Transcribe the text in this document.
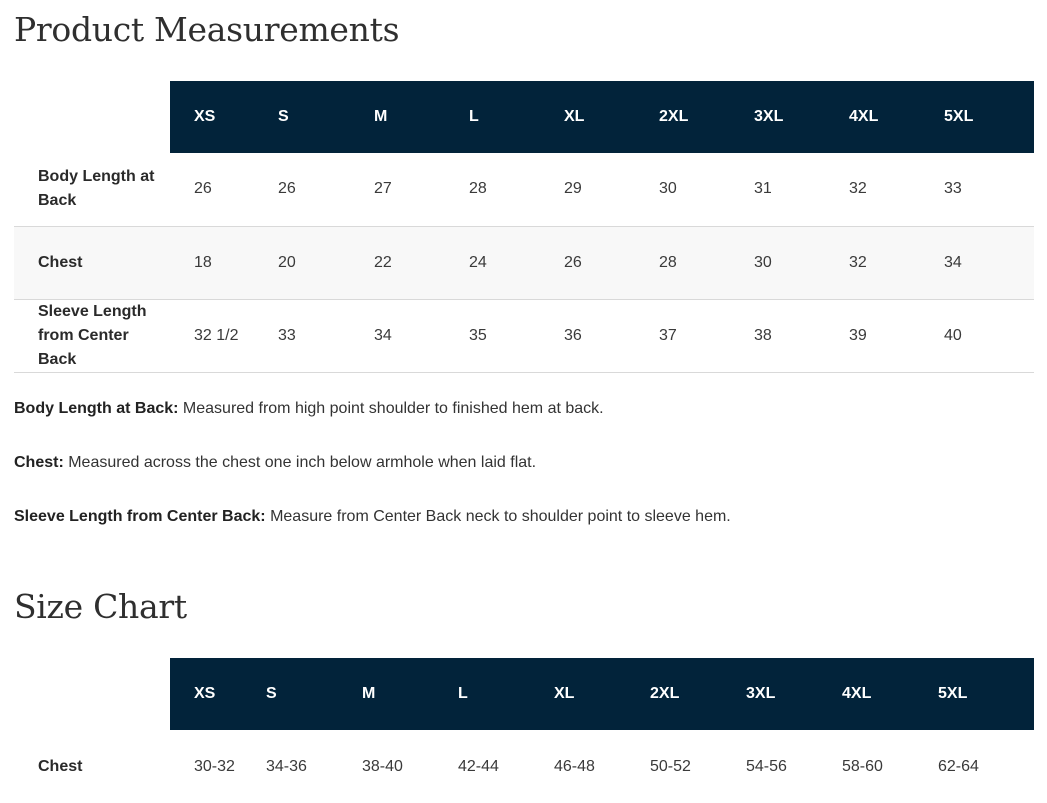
Product Measurements
	XS	S	M	L	XL	2XL	3XL	4XL	5XL
Body Length at Back	26	26	27	28	29	30	31	32	33
Chest	18	20	22	24	26	28	30	32	34
Sleeve Length from Center Back	32 1/2	33	34	35	36	37	38	39	40

Body Length at Back: Measured from high point shoulder to finished hem at back.

Chest: Measured across the chest one inch below armhole when laid flat.

Sleeve Length from Center Back: Measure from Center Back neck to shoulder point to sleeve hem.

Size Chart
	XS	S	M	L	XL	2XL	3XL	4XL	5XL
Chest	30-32	34-36	38-40	42-44	46-48	50-52	54-56	58-60	62-64
